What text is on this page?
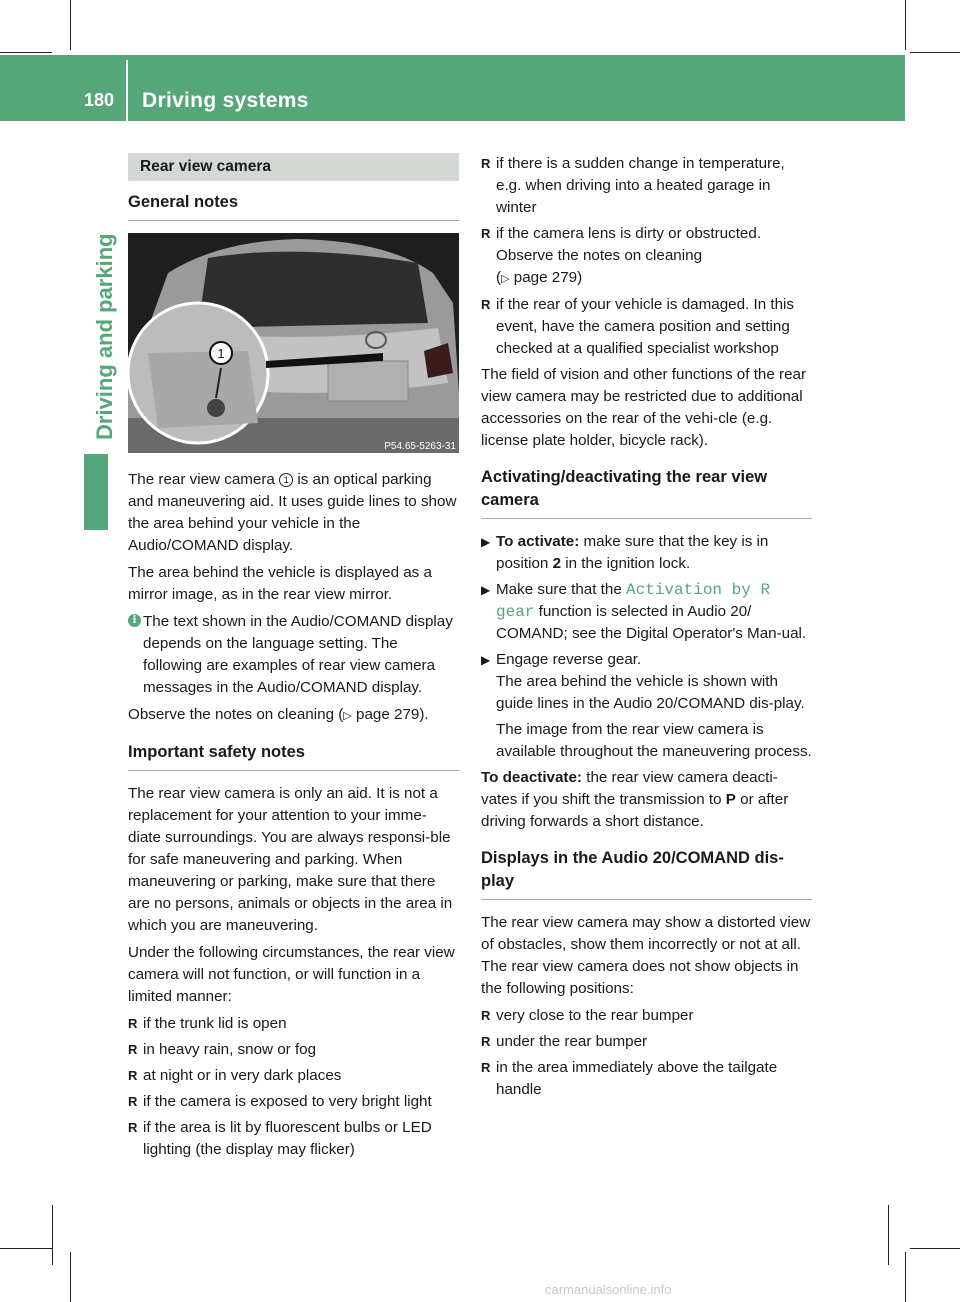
180 Driving systems
Driving and parking
Rear view camera
General notes
1
P54.65-5263-31

The rear view camera 1 is an optical parking and maneuvering aid. It uses guide lines to show the area behind your vehicle in the Audio/COMAND display.

The area behind the vehicle is displayed as a mirror image, as in the rear view mirror.

i The text shown in the Audio/COMAND display depends on the language setting. The following are examples of rear view camera messages in the Audio/COMAND display.

Observe the notes on cleaning (▷ page 279).

Important safety notes

The rear view camera is only an aid. It is not a replacement for your attention to your imme-diate surroundings. You are always responsi-ble for safe maneuvering and parking. When maneuvering or parking, make sure that there are no persons, animals or objects in the area in which you are maneuvering.

Under the following circumstances, the rear view camera will not function, or will function in a limited manner:

R if the trunk lid is open
R in heavy rain, snow or fog
R at night or in very dark places
R if the camera is exposed to very bright light
R if the area is lit by fluorescent bulbs or LED lighting (the display may flicker)
R if there is a sudden change in temperature, e.g. when driving into a heated garage in winter
R if the camera lens is dirty or obstructed. Observe the notes on cleaning
(▷ page 279)
R if the rear of your vehicle is damaged. In this event, have the camera position and setting checked at a qualified specialist workshop

The field of vision and other functions of the rear view camera may be restricted due to additional accessories on the rear of the vehi-cle (e.g. license plate holder, bicycle rack).

Activating/deactivating the rear view camera
▶ To activate: make sure that the key is in position 2 in the ignition lock.
▶ Make sure that the Activation by R gear function is selected in Audio 20/ COMAND; see the Digital Operator's Man-ual.
▶ Engage reverse gear.
The area behind the vehicle is shown with guide lines in the Audio 20/COMAND dis-play.
The image from the rear view camera is available throughout the maneuvering process.

To deactivate: the rear view camera deacti-vates if you shift the transmission to P or after driving forwards a short distance.

Displays in the Audio 20/COMAND dis-play

The rear view camera may show a distorted view of obstacles, show them incorrectly or not at all. The rear view camera does not show objects in the following positions:

R very close to the rear bumper
R under the rear bumper
R in the area immediately above the tailgate handle
carmanualsonline.info
